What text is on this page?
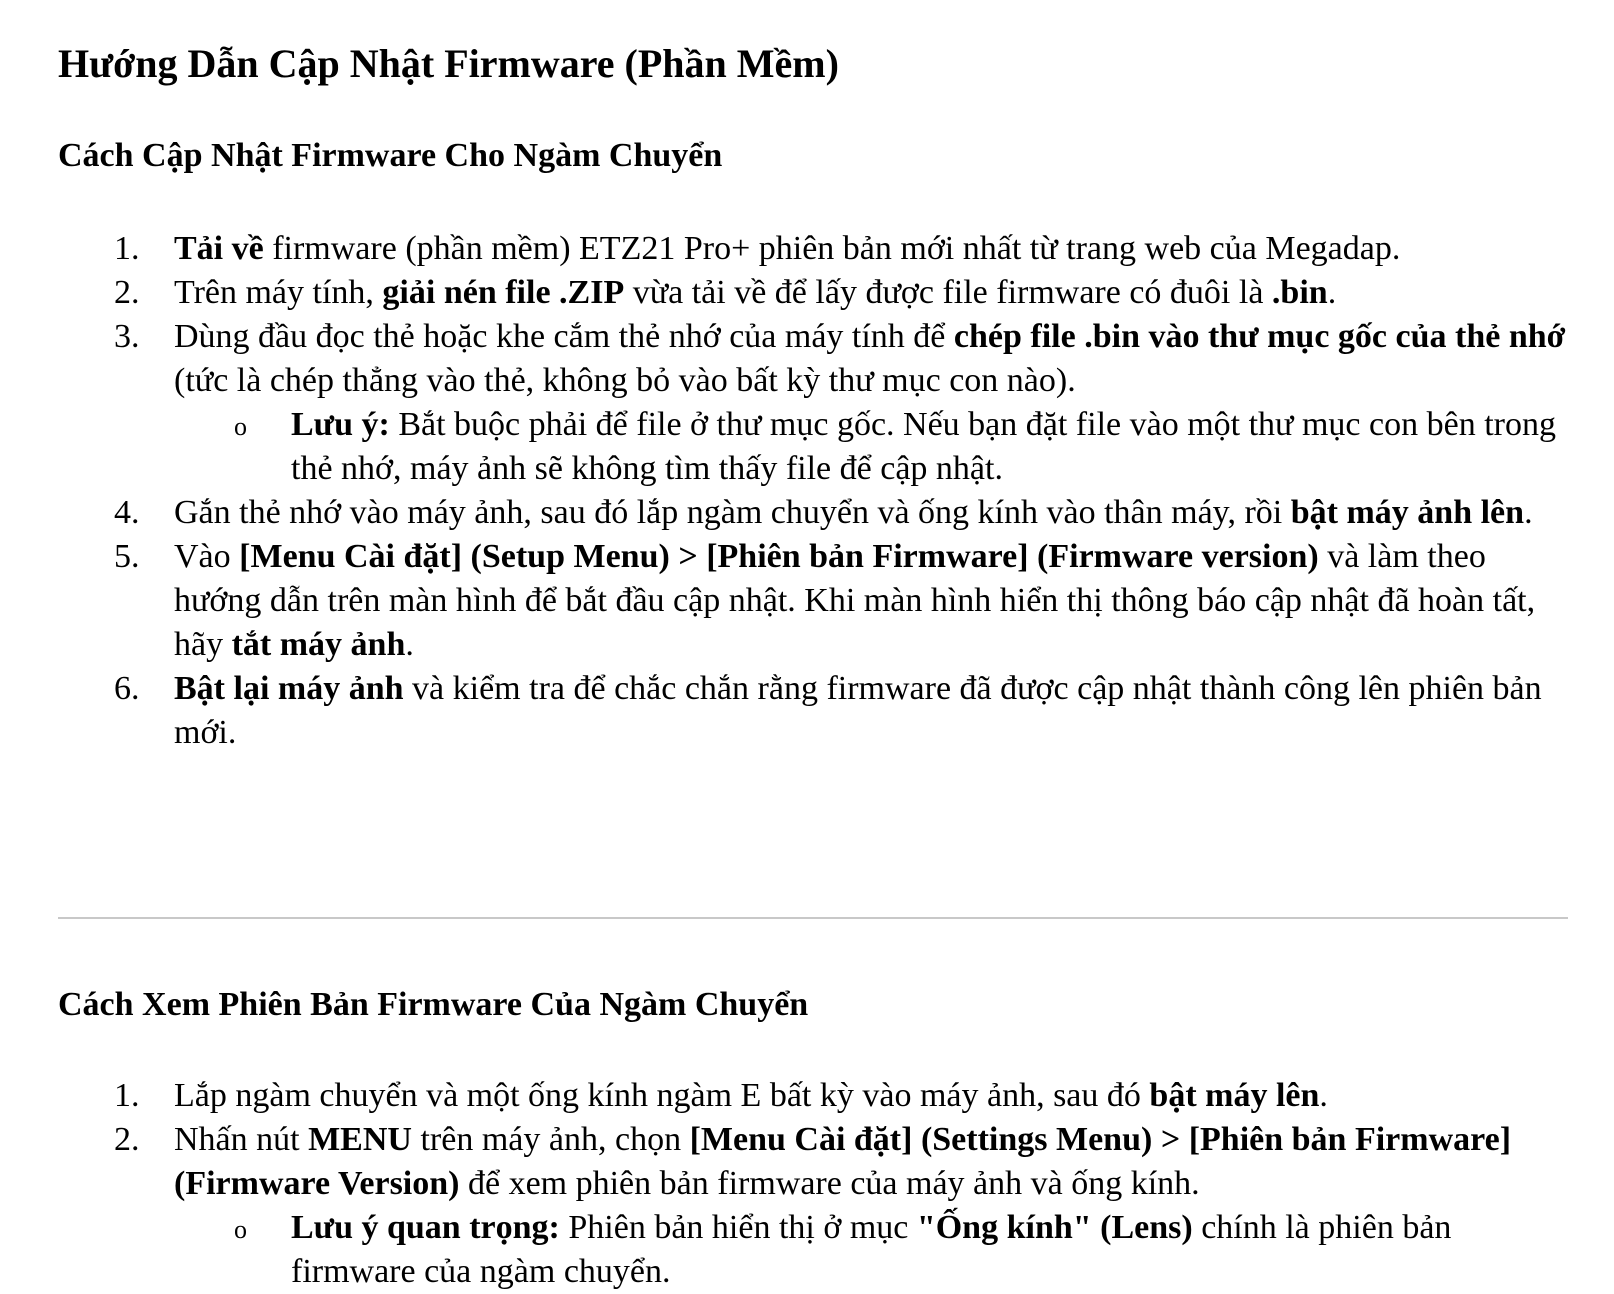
Hướng Dẫn Cập Nhật Firmware (Phần Mềm)
Cách Cập Nhật Firmware Cho Ngàm Chuyển
1. Tải về firmware (phần mềm) ETZ21 Pro+ phiên bản mới nhất từ trang web của Megadap.
2. Trên máy tính, giải nén file .ZIP vừa tải về để lấy được file firmware có đuôi là .bin.
3. Dùng đầu đọc thẻ hoặc khe cắm thẻ nhớ của máy tính để chép file .bin vào thư mục gốc của thẻ nhớ (tức là chép thẳng vào thẻ, không bỏ vào bất kỳ thư mục con nào).
o Lưu ý: Bắt buộc phải để file ở thư mục gốc. Nếu bạn đặt file vào một thư mục con bên trong thẻ nhớ, máy ảnh sẽ không tìm thấy file để cập nhật.
4. Gắn thẻ nhớ vào máy ảnh, sau đó lắp ngàm chuyển và ống kính vào thân máy, rồi bật máy ảnh lên.
5. Vào [Menu Cài đặt] (Setup Menu) > [Phiên bản Firmware] (Firmware version) và làm theo hướng dẫn trên màn hình để bắt đầu cập nhật. Khi màn hình hiển thị thông báo cập nhật đã hoàn tất, hãy tắt máy ảnh.
6. Bật lại máy ảnh và kiểm tra để chắc chắn rằng firmware đã được cập nhật thành công lên phiên bản mới.
Cách Xem Phiên Bản Firmware Của Ngàm Chuyển
1. Lắp ngàm chuyển và một ống kính ngàm E bất kỳ vào máy ảnh, sau đó bật máy lên.
2. Nhấn nút MENU trên máy ảnh, chọn [Menu Cài đặt] (Settings Menu) > [Phiên bản Firmware] (Firmware Version) để xem phiên bản firmware của máy ảnh và ống kính.
o Lưu ý quan trọng: Phiên bản hiển thị ở mục "Ống kính" (Lens) chính là phiên bản firmware của ngàm chuyển.
